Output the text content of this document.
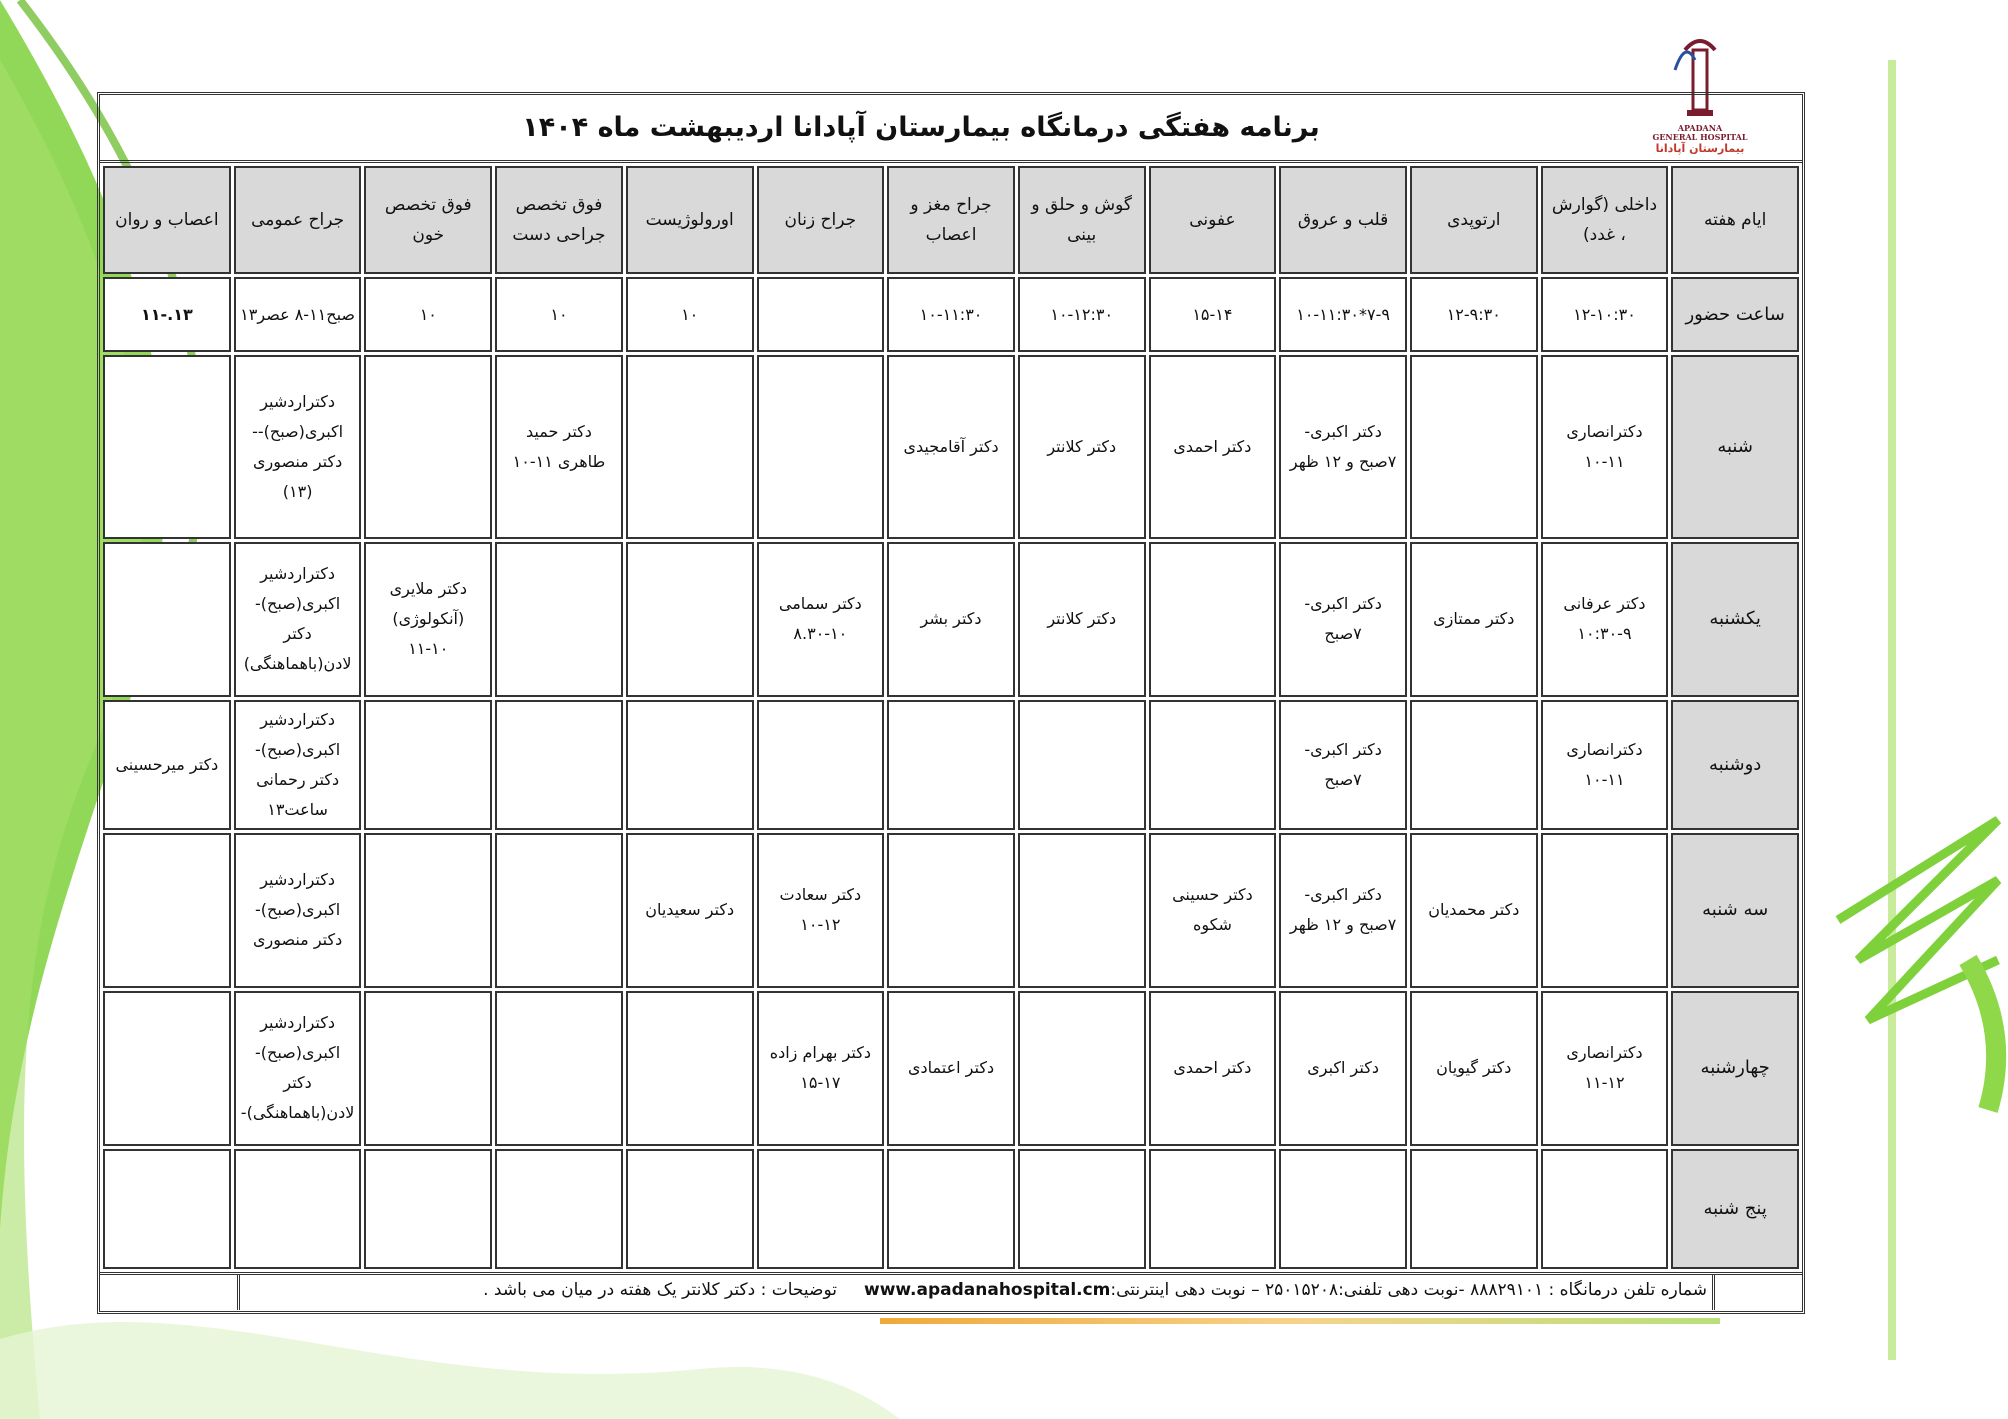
APADANA
GENERAL HOSPITAL
بیمارستان آپادانا
برنامه هفتگی درمانگاه بیمارستان آپادانا اردیبهشت ماه ۱۴۰۴
ایام هفته	داخلی (گوارش ، غدد)	ارتوپدی	قلب و عروق	عفونی	گوش و حلق و بینی	جراح مغز و اعصاب	جراح زنان	اورولوژیست	فوق تخصص جراحی دست	فوق تخصص خون	جراح عمومی	اعصاب و روان
ساعت حضور	۱۲-۱۰:۳۰	۱۲-۹:۳۰	۷-۹*۱۰-۱۱:۳۰	۱۵-۱۴	۱۰-۱۲:۳۰	۱۰-۱۱:۳۰		۱۰	۱۰	۱۰	صبح۱۱-۸ عصر۱۳	۱۳.-۱۱
شنبه	دکترانصاری ۱۱-۱۰		دکتر اکبری- ۷صبح و ۱۲ ظهر	دکتر احمدی	دکتر کلانتر	دکتر آقامجیدی			دکتر حمید طاهری ۱۱-۱۰		دکتراردشیر اکبری(صبح)-- دکتر منصوری (۱۳)	
یکشنبه	دکتر عرفانی ۹-۱۰:۳۰	دکتر ممتازی	دکتر اکبری- ۷صبح		دکتر کلانتر	دکتر بشر	دکتر سمامی ۱۰-۸.۳۰			دکتر ملایری (آنکولوژی) ۱۰-۱۱	دکتراردشیر اکبری(صبح)- دکتر لادن(باهماهنگی)	
دوشنبه	دکترانصاری ۱۱-۱۰		دکتر اکبری- ۷صبح								دکتراردشیر اکبری(صبح)- دکتر رحمانی ساعت۱۳	دکتر میرحسینی
سه شنبه		دکتر محمدیان	دکتر اکبری- ۷صبح و ۱۲ ظهر	دکتر حسینی شکوه			دکتر سعادت ۱۲-۱۰	دکتر سعیدیان			دکتراردشیر اکبری(صبح)- دکتر منصوری	
چهارشنبه	دکترانصاری ۱۲-۱۱	دکتر گیویان	دکتر اکبری	دکتر احمدی		دکتر اعتمادی	دکتر بهرام زاده ۱۷-۱۵				دکتراردشیر اکبری(صبح)- دکتر لادن(باهماهنگی)-	
پنج شنبه												
شماره تلفن درمانگاه : ۸۸۸۲۹۱۰۱ -نوبت دهی تلفنی:۲۵۰۱۵۲۰۸ – نوبت دهی اینترنتی:www.apadanahospital.cm     توضیحات : دکتر کلانتر یک هفته در میان می باشد .
